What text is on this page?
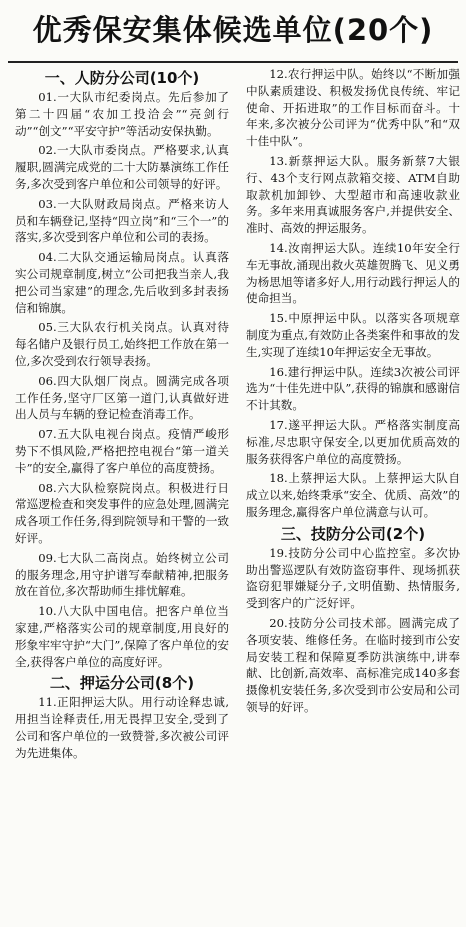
优秀保安集体候选单位(20个)
一、人防分公司(10个)

01.一大队市纪委岗点。先后参加了第二十四届“农加工投洽会”“亮剑行动”“创文”“平安守护”等活动安保执勤。

02.一大队市委岗点。严格要求,认真履职,圆满完成党的二十大防暴演练工作任务,多次受到客户单位和公司领导的好评。

03.一大队财政局岗点。严格来访人员和车辆登记,坚持“四立岗”和“三个一”的落实,多次受到客户单位和公司的表扬。

04.二大队交通运输局岗点。认真落实公司规章制度,树立“公司把我当亲人,我把公司当家建”的理念,先后收到多封表扬信和锦旗。

05.三大队农行机关岗点。认真对待每名储户及银行员工,始终把工作放在第一位,多次受到农行领导表扬。

06.四大队烟厂岗点。圆满完成各项工作任务,坚守厂区第一道门,认真做好进出人员与车辆的登记检查消毒工作。

07.五大队电视台岗点。疫情严峻形势下不惧风险,严格把控电视台“第一道关卡”的安全,赢得了客户单位的高度赞扬。

08.六大队检察院岗点。积极进行日常巡逻检查和突发事件的应急处理,圆满完成各项工作任务,得到院领导和干警的一致好评。

09.七大队二高岗点。始终树立公司的服务理念,用守护谱写奉献精神,把服务放在首位,多次帮助师生排忧解难。

10.八大队中国电信。把客户单位当家建,严格落实公司的规章制度,用良好的形象牢牢守护“大门”,保障了客户单位的安全,获得客户单位的高度好评。

二、押运分公司(8个)

11.正阳押运大队。用行动诠释忠诚,用担当诠释责任,用无畏捍卫安全,受到了公司和客户单位的一致赞誉,多次被公司评为先进集体。

12.农行押运中队。始终以“不断加强中队素质建设、积极发扬优良传统、牢记使命、开拓进取”的工作目标而奋斗。十年来,多次被分公司评为“优秀中队”和“双十佳中队”。

13.新蔡押运大队。服务新蔡7大银行、43个支行网点款箱交接、ATM自助取款机加卸钞、大型超市和高速收款业务。多年来用真诚服务客户,并提供安全、准时、高效的押运服务。

14.汝南押运大队。连续10年安全行车无事故,涌现出救火英雄贺腾飞、见义勇为杨思旭等诸多好人,用行动践行押运人的使命担当。

15.中原押运中队。以落实各项规章制度为重点,有效防止各类案件和事故的发生,实现了连续10年押运安全无事故。

16.建行押运中队。连续3次被公司评选为“十佳先进中队”,获得的锦旗和感谢信不计其数。

17.遂平押运大队。严格落实制度高标准,尽忠职守保安全,以更加优质高效的服务获得客户单位的高度赞扬。

18.上蔡押运大队。上蔡押运大队自成立以来,始终秉承“安全、优质、高效”的服务理念,赢得客户单位满意与认可。

三、技防分公司(2个)

19.技防分公司中心监控室。多次协助出警巡逻队有效防盗窃事件、现场抓获盗窃犯罪嫌疑分子,文明值勤、热情服务,受到客户的广泛好评。

20.技防分公司技术部。圆满完成了各项安装、维修任务。在临时接到市公安局安装工程和保障夏季防洪演练中,讲奉献、比创新,高效率、高标准完成140多套摄像机安装任务,多次受到市公安局和公司领导的好评。
